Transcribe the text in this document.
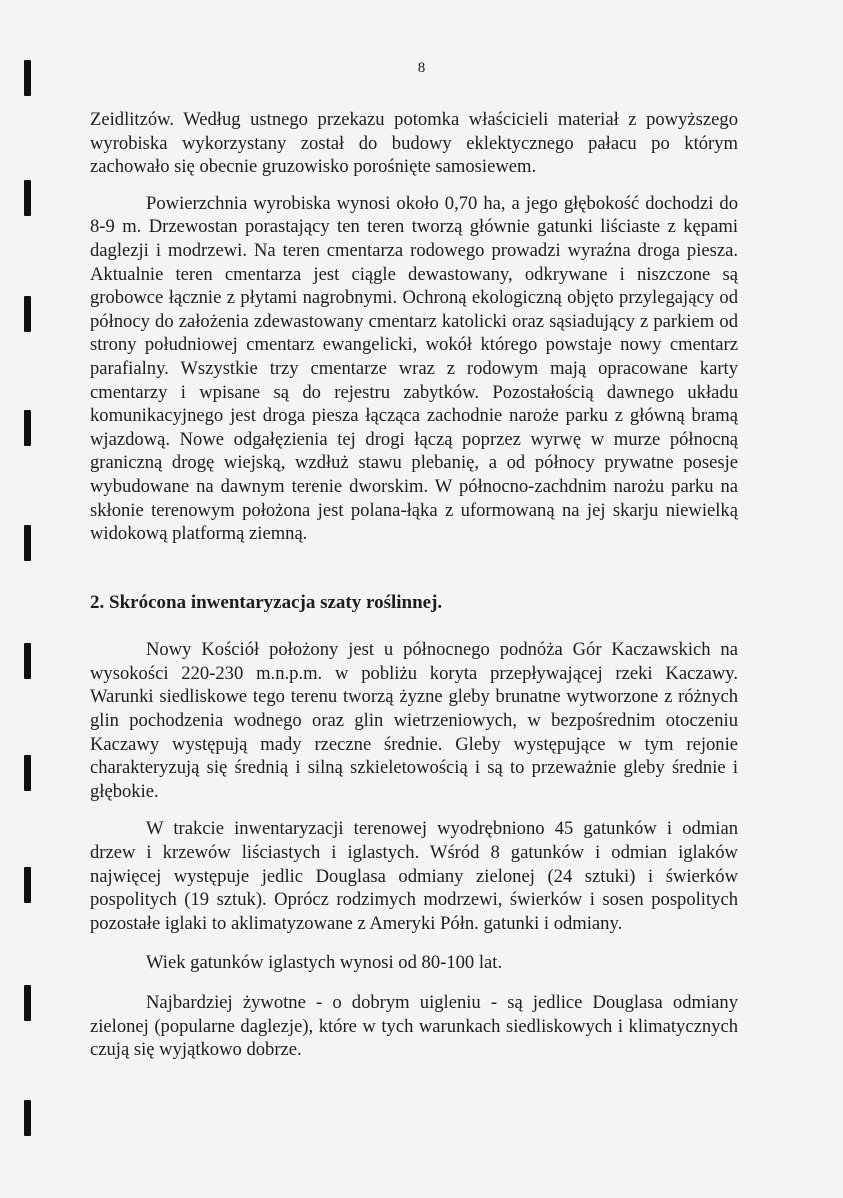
8

Zeidlitzów. Według ustnego przekazu potomka właścicieli materiał z powyższego wyrobiska wykorzystany został do budowy eklektycznego pałacu po którym zachowało się obecnie gruzowisko porośnięte samosiewem.

Powierzchnia wyrobiska wynosi około 0,70 ha, a jego głębokość dochodzi do 8-9 m. Drzewostan porastający ten teren tworzą głównie gatunki liściaste z kępami daglezji i modrzewi. Na teren cmentarza rodowego prowadzi wyraźna droga piesza. Aktualnie teren cmentarza jest ciągle dewastowany, odkrywane i niszczone są grobowce łącznie z płytami nagrobnymi. Ochroną ekologiczną objęto przylegający od północy do założenia zdewastowany cmentarz katolicki oraz sąsiadujący z parkiem od strony południowej cmentarz ewangelicki, wokół którego powstaje nowy cmentarz parafialny. Wszystkie trzy cmentarze wraz z rodowym mają opracowane karty cmentarzy i wpisane są do rejestru zabytków. Pozostałością dawnego układu komunikacyjnego jest droga piesza łącząca zachodnie naroże parku z główną bramą wjazdową. Nowe odgałęzienia tej drogi łączą poprzez wyrwę w murze północną graniczną drogę wiejską, wzdłuż stawu plebanię, a od północy prywatne posesje wybudowane na dawnym terenie dworskim. W północno-zachdnim narożu parku na skłonie terenowym położona jest polana-łąka z uformowaną na jej skarju niewielką widokową platformą ziemną.

2. Skrócona inwentaryzacja szaty roślinnej.

Nowy Kościół położony jest u północnego podnóża Gór Kaczawskich na wysokości 220-230 m.n.p.m. w pobliżu koryta przepływającej rzeki Kaczawy. Warunki siedliskowe tego terenu tworzą żyzne gleby brunatne wytworzone z różnych glin pochodzenia wodnego oraz glin wietrzeniowych, w bezpośrednim otoczeniu Kaczawy występują mady rzeczne średnie. Gleby występujące w tym rejonie charakteryzują się średnią i silną szkieletowością i są to przeważnie gleby średnie i głębokie.

W trakcie inwentaryzacji terenowej wyodrębniono 45 gatunków i odmian drzew i krzewów liściastych i iglastych. Wśród 8 gatunków i odmian iglaków najwięcej występuje jedlic Douglasa odmiany zielonej (24 sztuki) i świerków pospolitych (19 sztuk). Oprócz rodzimych modrzewi, świerków i sosen pospolitych pozostałe iglaki to aklimatyzowane z Ameryki Półn. gatunki i odmiany.

Wiek gatunków iglastych wynosi od 80-100 lat.

Najbardziej żywotne - o dobrym uigleniu - są jedlice Douglasa odmiany zielonej (popularne daglezje), które w tych warunkach siedliskowych i klimatycznych czują się wyjątkowo dobrze.
